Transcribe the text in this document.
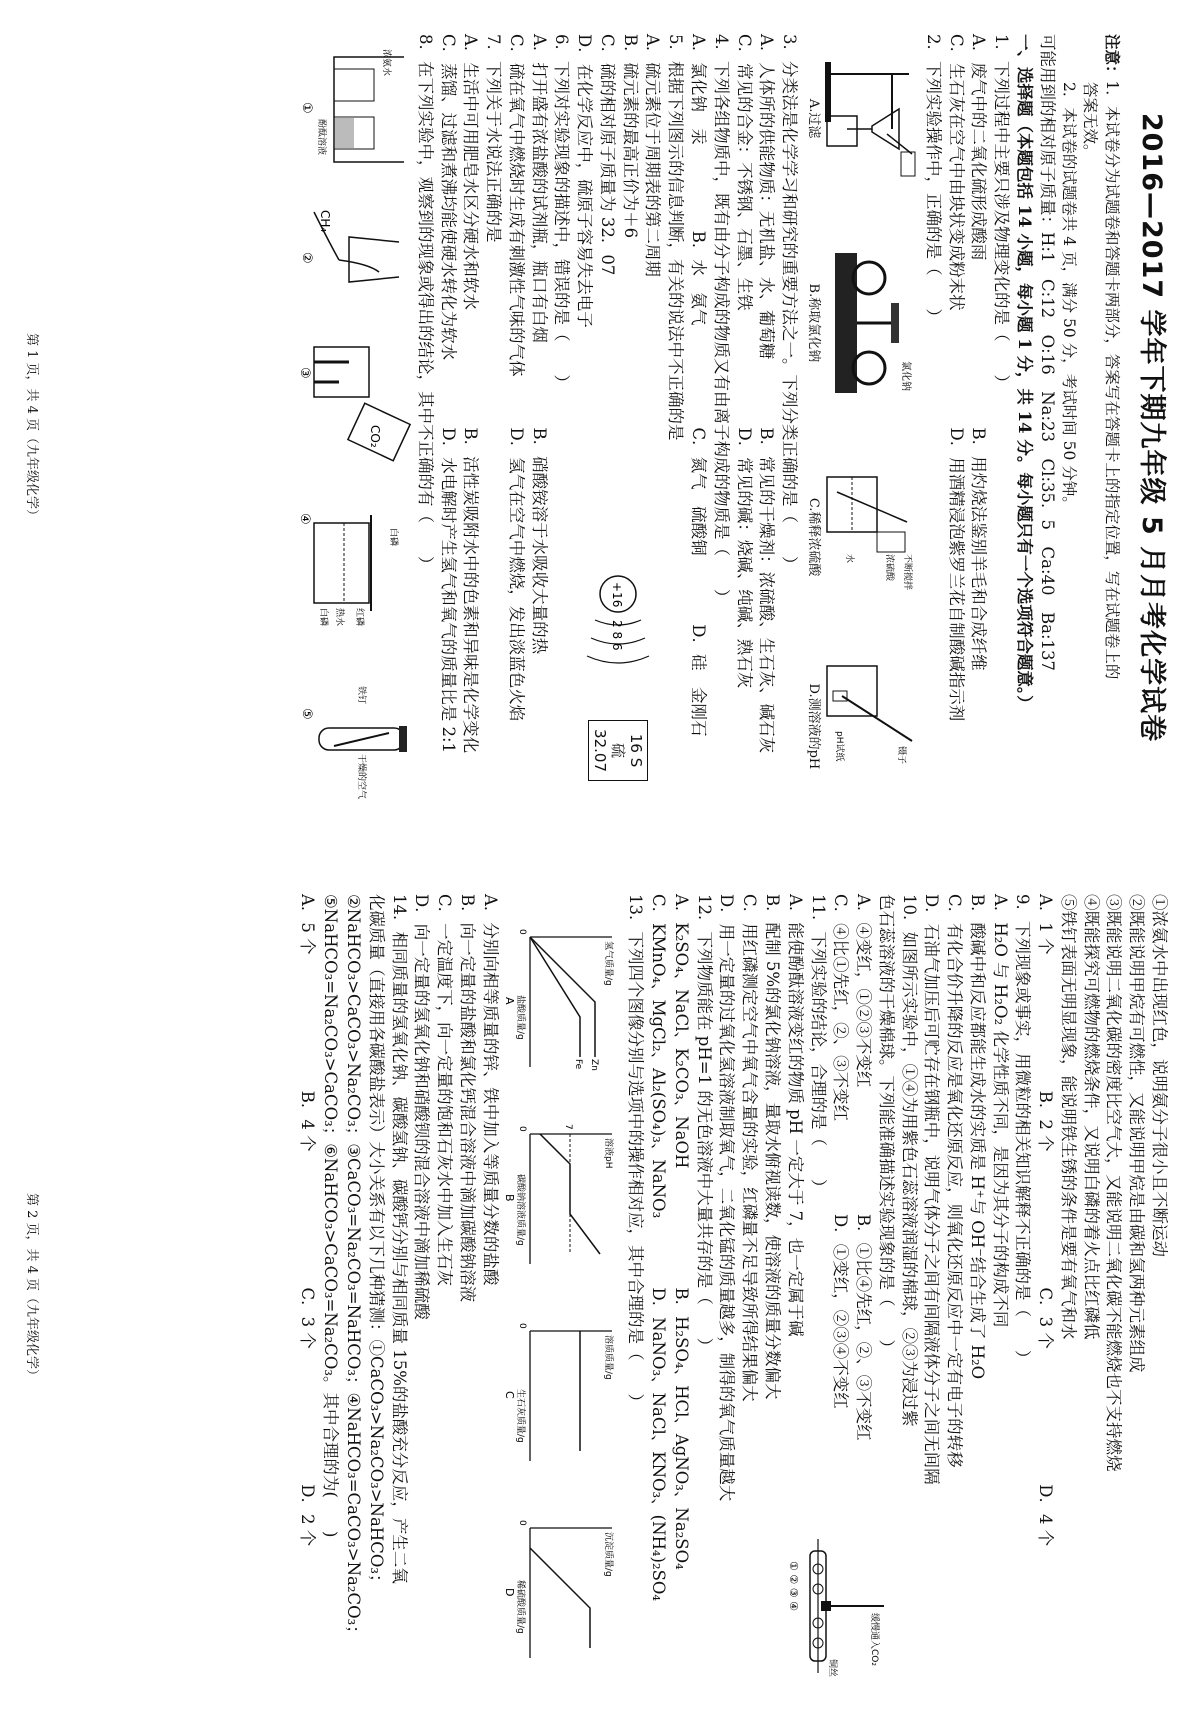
2016—2017 学年下期九年级 5 月月考化学试卷
注意：1．本试卷分为试题卷和答题卡两部分，答案写在答题卡上的指定位置，写在试题卷上的
答案无效。
2．本试卷的试题卷共 4 页，满分 50 分，考试时间 50 分钟。
可能用到的相对原子质量：H:1　C:12　O:16　Na:23　Cl:35．5　Ca:40　Ba:137
一、选择题（本题包括 14 小题，每小题 1 分，共 14 分。每小题只有一个选项符合题意。）
1．下列过程中主要只涉及物理变化的是（　　）
A．废气中的二氧化硫形成酸雨
B．用灼烧法鉴别羊毛和合成纤维
C．生石灰在空气中由块状变成粉末状
D．用酒精浸泡紫罗兰花自制酸碱指示剂
2．下列实验操作中，正确的是（　　）
A.过滤
氯化钠
B.称取氯化钠
不断搅拌
浓硫酸
水
C.稀释浓硫酸
镊子
pH试纸
D.测溶液的pH
3．分类法是化学学习和研究的重要方法之一。下列分类正确的是（　　）
A．人体所的供能物质：无机盐、水、葡萄糖
B．常见的干燥剂：浓硫酸、生石灰、碱石灰
C．常见的合金：不锈钢、石墨、生铁
D．常见的碱：烧碱、纯碱、熟石灰
4．下列各组物质中，既有由分子构成的物质又有由离子构成的物质是（　　）
A．氯化钠　汞
B．水　氨气
C．氮气　硫酸铜
D．硅　金刚石
5．根据下列图示的信息判断，有关的说法中不正确的是
A．硫元素位于周期表的第二周期
B．硫元素的最高正价为＋6
C．硫的相对原子质量为 32．07
D．在化学反应中，硫原子容易失去电子
+16
2 8 6
16 S
硫
32.07
6．下列对实验现象的描述中，错误的是（　　）
A．打开盛有浓盐酸的试剂瓶，瓶口有白烟
B．硝酸铵溶于水吸收大量的热
C．硫在氧气中燃烧时生成有刺激性气味的气体
D．氢气在空气中燃烧，发出淡蓝色火焰
7．下列关于水说法正确的是
A．生活中可用肥皂水区分硬水和软水
B．活性炭吸附水中的色素和异味是化学变化
C．蒸馏、过滤和煮沸均能使硬水转化为软水
D．水电解时产生氢气和氧气的质量比是 2:1
8．在下列实验中，观察到的现象或得出的结论，其中不正确的有（　　）
浓氨水
酚酞溶液
①
CH₄
②
CO₂
③
白磷
红磷
热水
白磷
④
铁钉
干燥的空气
⑤
第 1 页，共 4 页（九年级化学）
①浓氨水中出现红色，说明氨分子很小且不断运动
②既能说明甲烷有可燃性，又能说明甲烷是由碳和氢两种元素组成
③既能说明二氧化碳的密度比空气大，又能说明二氧化碳不能燃烧也不支持燃烧
④既能探究可燃物的燃烧条件，又说明白磷的着火点比红磷低
⑤铁钉表面无明显现象，能说明铁生锈的条件是要有氧气和水
A．1 个
B．2 个
C．3 个
D．4 个
9．下列现象或事实，用微粒的相关知识解释不正确的是（　　）
A．H₂O 与 H₂O₂ 化学性质不同，是因为其分子的构成不同
B．酸碱中和反应都能生成水的实质是 H⁺与 OH⁻结合生成了 H₂O
C．有化合价升降的反应是氧化还原反应，则氧化还原反应中一定有电子的转移
D．石油气加压后可贮存在钢瓶中，说明气体分子之间有间隔液体分子之间无间隔
10．如图所示实验中，①④为用紫色石蕊溶液润湿的棉球，②③为浸过紫
色石蕊溶液的干燥棉球。下列能准确描述实验现象的是（　　）
A．④变红，①②③不变红
B．①比④先红，②、③不变红
C．④比①先红，②、③不变红
D．①变红，②③④不变红
缓慢通入CO₂
铜丝
① ② ③ ④
11．下列实验的结论，合理的是（　　）
A．能使酚酞溶液变红的物质 pH 一定大于 7，也一定属于碱
B．配制 5%的氯化钠溶液，量取水俯视读数，使溶液的质量分数偏大
C．用红磷测定空气中氧气含量的实验，红磷量不足导致所得结果偏大
D．用一定量的过氧化氢溶液制取氧气，二氧化锰的质量越多，制得的氧气质量越大
12．下列物质能在 pH=1 的无色溶液中大量共存的是（　　）
A．K₂SO₄、NaCl、K₂CO₃、NaOH
B．H₂SO₄、HCl、AgNO₃、Na₂SO₄
C．KMnO₄、MgCl₂、Al₂(SO₄)₃、NaNO₃
D．NaNO₃、NaCl、KNO₃、(NH₄)₂SO₄
13．下列四个图像分别与选项中的操作相对应，其中合理的是（　　）
氢气质量/g
盐酸质量/g
Zn
Fe
0
A
溶液pH
碳酸钠溶液质量/g
7
0
B
溶质质量/g
生石灰质量/g
0
C
沉淀质量/g
稀硫酸质量/g
0
D
A．分别向相等质量的锌、铁中加入等质量分数的盐酸
B．向一定量的盐酸和氯化钙混合溶液中滴加碳酸钠溶液
C．一定温度下，向一定量的饱和石灰水中加入生石灰
D．向一定量的氢氧化钠和硝酸钡的混合溶液中滴加稀硫酸
14．相同质量的氢氧化钠、碳酸氢钠、碳酸钙分别与相同质量 15%的盐酸充分反应，产生二氧
化碳质量（直接用各碳酸盐表示）大小关系有以下几种猜测：①CaCO₃>Na₂CO₃>NaHCO₃；
②NaHCO₃>CaCO₃>Na₂CO₃；③CaCO₃=Na₂CO₃=NaHCO₃；④NaHCO₃=CaCO₃>Na₂CO₃；
⑤NaHCO₃=Na₂CO₃>CaCO₃；⑥NaHCO₃>CaCO₃=Na₂CO₃。其中合理的为(　　)
A．5 个
B．4 个
C．3 个
D．2 个
第 2 页，共 4 页（九年级化学）
